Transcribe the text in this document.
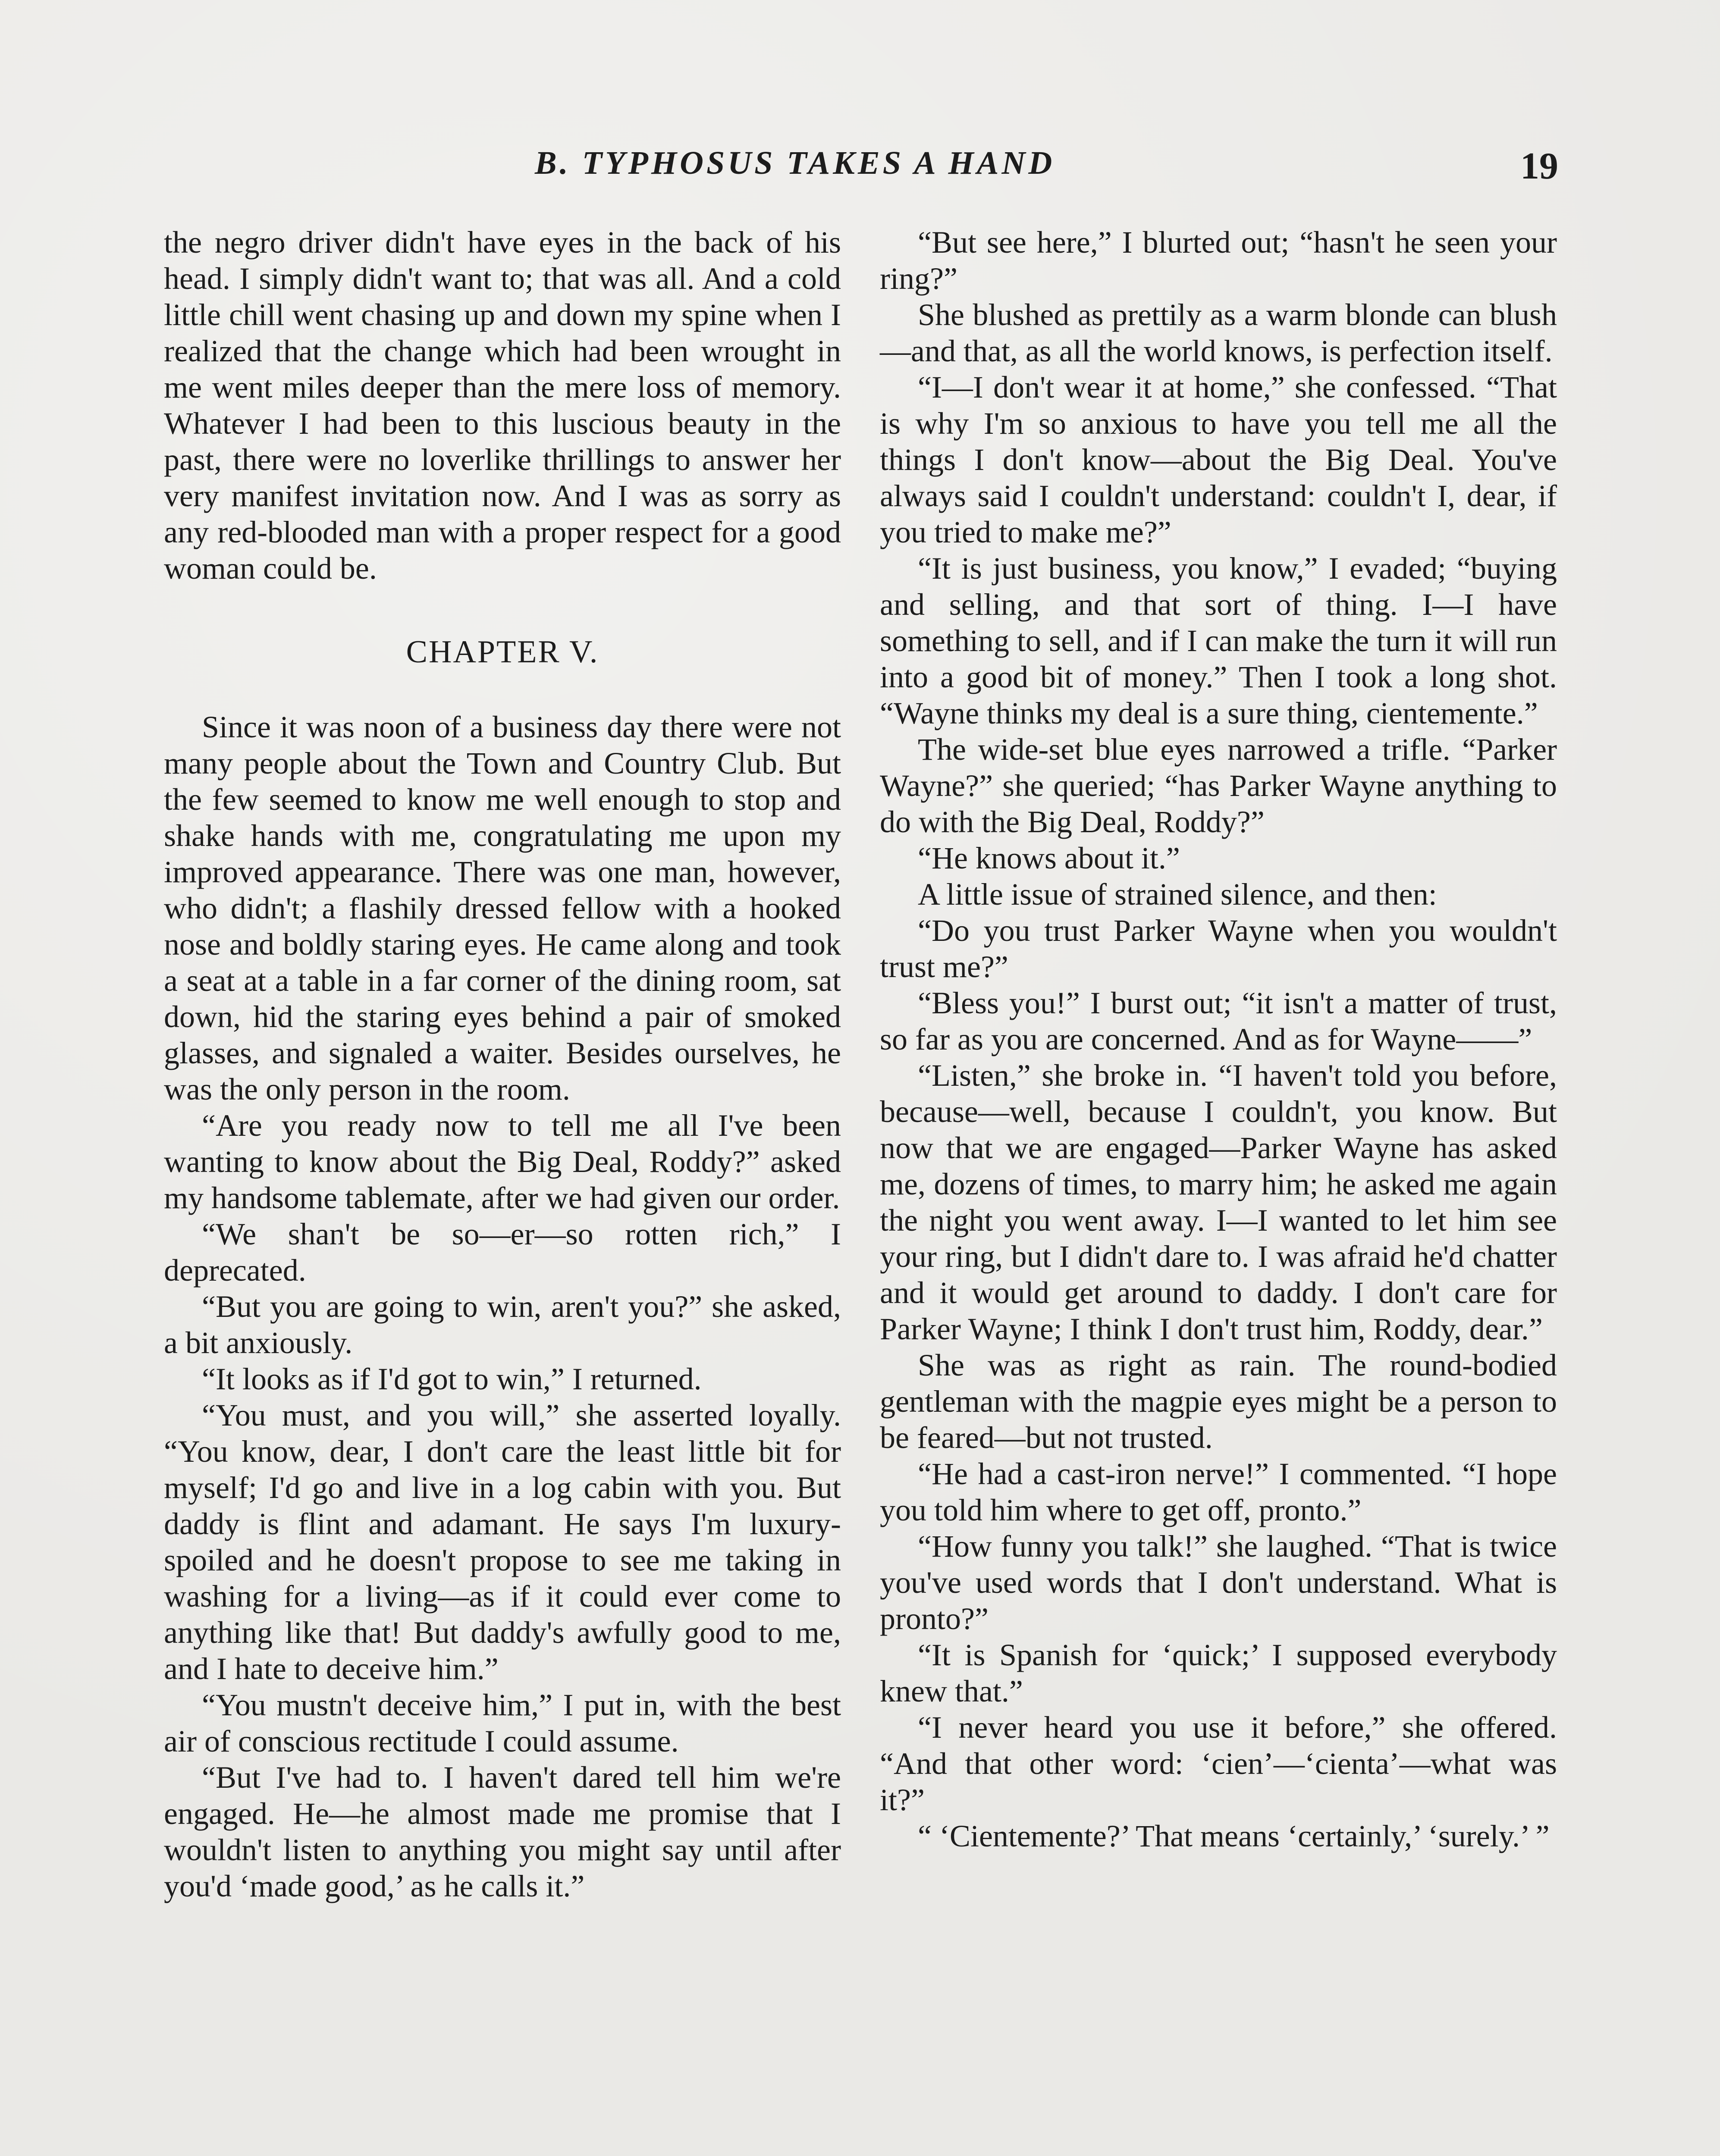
B. TYPHOSUS TAKES A HAND	19

the negro driver didn't have eyes in the back of his head. I simply didn't want to; that was all. And a cold little chill went chasing up and down my spine when I realized that the change which had been wrought in me went miles deeper than the mere loss of memory. Whatever I had been to this luscious beauty in the past, there were no loverlike thrillings to answer her very manifest invitation now. And I was as sorry as any red-blooded man with a proper respect for a good woman could be.

CHAPTER V.

Since it was noon of a business day there were not many people about the Town and Country Club. But the few seemed to know me well enough to stop and shake hands with me, congratulating me upon my improved appearance. There was one man, however, who didn't; a flashily dressed fellow with a hooked nose and boldly staring eyes. He came along and took a seat at a table in a far corner of the dining room, sat down, hid the staring eyes behind a pair of smoked glasses, and signaled a waiter. Besides ourselves, he was the only person in the room.

“Are you ready now to tell me all I've been wanting to know about the Big Deal, Roddy?” asked my handsome tablemate, after we had given our order.

“We shan't be so—er—so rotten rich,” I deprecated.

“But you are going to win, aren't you?” she asked, a bit anxiously.

“It looks as if I'd got to win,” I returned.

“You must, and you will,” she asserted loyally. “You know, dear, I don't care the least little bit for myself; I'd go and live in a log cabin with you. But daddy is flint and adamant. He says I'm luxury-spoiled and he doesn't propose to see me taking in washing for a living—as if it could ever come to anything like that! But daddy's awfully good to me, and I hate to deceive him.”

“You mustn't deceive him,” I put in, with the best air of conscious rectitude I could assume.

“But I've had to. I haven't dared tell him we're engaged. He—he almost made me promise that I wouldn't listen to anything you might say until after you'd ‘made good,’ as he calls it.”

“But see here,” I blurted out; “hasn't he seen your ring?”

She blushed as prettily as a warm blonde can blush—and that, as all the world knows, is perfection itself.

“I—I don't wear it at home,” she confessed. “That is why I'm so anxious to have you tell me all the things I don't know—about the Big Deal. You've always said I couldn't understand: couldn't I, dear, if you tried to make me?”

“It is just business, you know,” I evaded; “buying and selling, and that sort of thing. I—I have something to sell, and if I can make the turn it will run into a good bit of money.” Then I took a long shot. “Wayne thinks my deal is a sure thing, cientemente.”

The wide-set blue eyes narrowed a trifle. “Parker Wayne?” she queried; “has Parker Wayne anything to do with the Big Deal, Roddy?”

“He knows about it.”

A little issue of strained silence, and then:

“Do you trust Parker Wayne when you wouldn't trust me?”

“Bless you!” I burst out; “it isn't a matter of trust, so far as you are concerned. And as for Wayne——”

“Listen,” she broke in. “I haven't told you before, because—well, because I couldn't, you know. But now that we are engaged—Parker Wayne has asked me, dozens of times, to marry him; he asked me again the night you went away. I—I wanted to let him see your ring, but I didn't dare to. I was afraid he'd chatter and it would get around to daddy. I don't care for Parker Wayne; I think I don't trust him, Roddy, dear.”

She was as right as rain. The round-bodied gentleman with the magpie eyes might be a person to be feared—but not trusted.

“He had a cast-iron nerve!” I commented. “I hope you told him where to get off, pronto.”

“How funny you talk!” she laughed. “That is twice you've used words that I don't understand. What is pronto?”

“It is Spanish for ‘quick;’ I supposed everybody knew that.”

“I never heard you use it before,” she offered. “And that other word: ‘cien’—‘cienta’—what was it?”

“ ‘Cientemente?’ That means ‘certainly,’ ‘surely.’ ”
